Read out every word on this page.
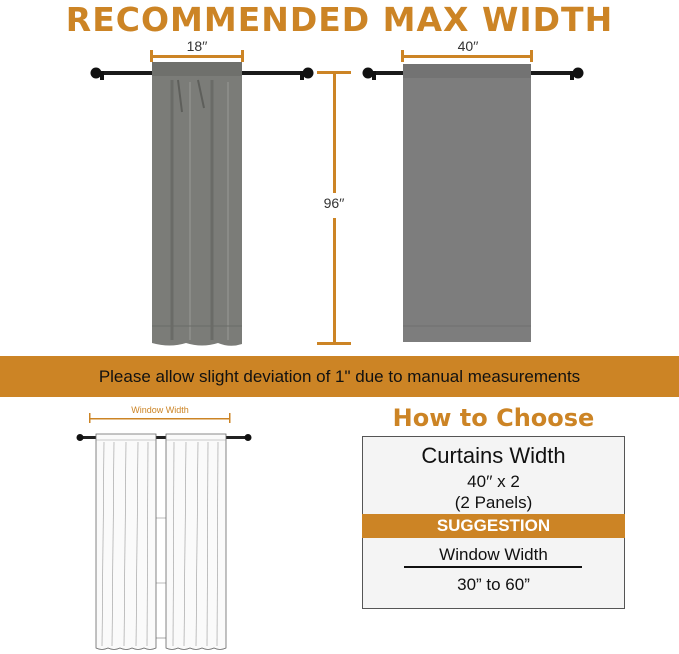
RECOMMENDED MAX WIDTH
18′′	40′′
96′′
Please allow slight deviation of 1" due to manual measurements
Window Width	How to Choose
Curtains Width
40′′ x 2
(2 Panels)
SUGGESTION
Window Width
30” to 60”
